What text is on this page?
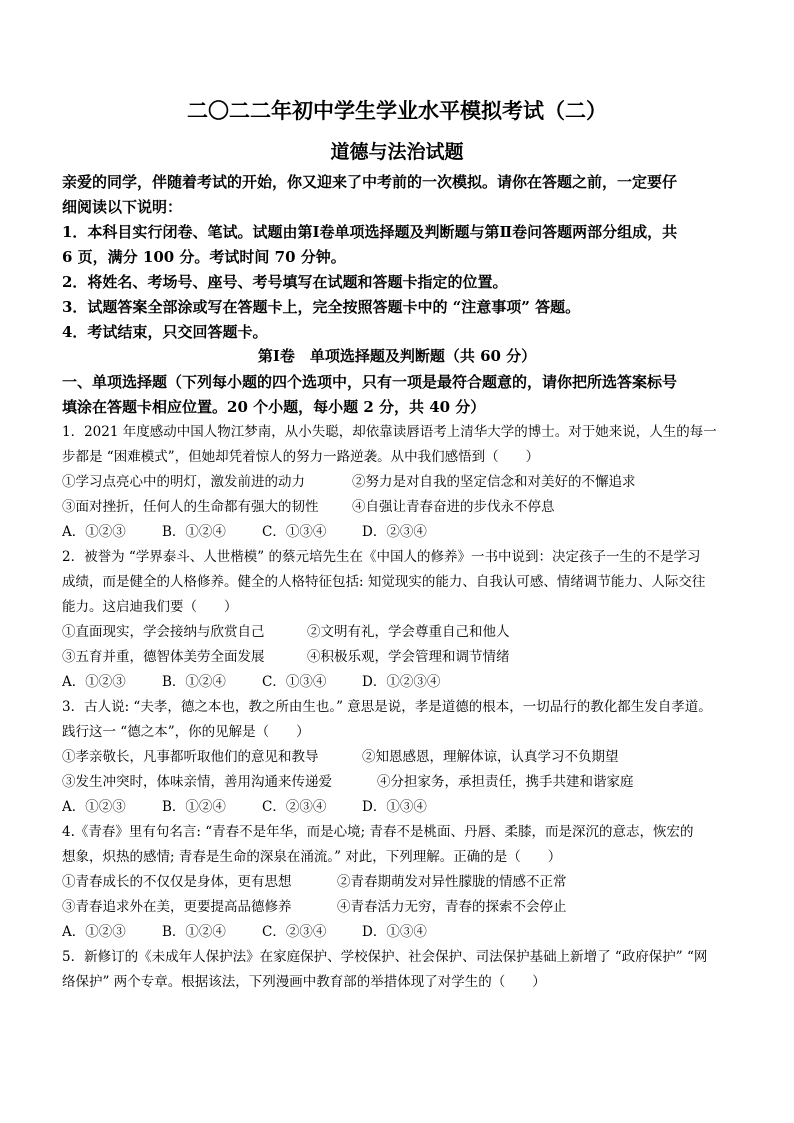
二〇二二年初中学生学业水平模拟考试（二）
道德与法治试题
亲爱的同学，伴随着考试的开始，你又迎来了中考前的一次模拟。请你在答题之前，一定要仔
细阅读以下说明：
1．本科目实行闭卷、笔试。试题由第Ⅰ卷单项选择题及判断题与第Ⅱ卷问答题两部分组成，共
6 页，满分 100 分。考试时间 70 分钟。
2．将姓名、考场号、座号、考号填写在试题和答题卡指定的位置。
3．试题答案全部涂或写在答题卡上，完全按照答题卡中的 “注意事项” 答题。
4．考试结束，只交回答题卡。
第Ⅰ卷　单项选择题及判断题（共 60 分）
一、单项选择题（下列每小题的四个选项中，只有一项是最符合题意的，请你把所选答案标号
填涂在答题卡相应位置。20 个小题，每小题 2 分，共 40 分）
1．2021 年度感动中国人物江梦南，从小失聪，却依靠读唇语考上清华大学的博士。对于她来说，人生的每一
步都是 “困难模式”，但她却凭着惊人的努力一路逆袭。从中我们感悟到（　　）
①学习点亮心中的明灯，激发前进的动力	②努力是对自我的坚定信念和对美好的不懈追求
③面对挫折，任何人的生命都有强大的韧性 ④自强让青春奋进的步伐永不停息
A．①②③	B．①②④	C．①③④	D．②③④
2．被誉为 “学界泰斗、人世楷模” 的蔡元培先生在《中国人的修养》一书中说到：决定孩子一生的不是学习
成绩，而是健全的人格修养。健全的人格特征包括: 知觉现实的能力、自我认可感、情绪调节能力、人际交往
能力。这启迪我们要（　　）
①直面现实，学会接纳与欣赏自己	②文明有礼，学会尊重自己和他人
③五育并重，德智体美劳全面发展	④积极乐观，学会管理和调节情绪
A．①②③	B．①②④	C．①③④	D．①②③④
3．古人说: “夫孝，德之本也，教之所由生也。” 意思是说，孝是道德的根本，一切品行的教化都生发自孝道。
践行这一 “德之本”，你的见解是（　　）
①孝亲敬长，凡事都听取他们的意见和教导	②知恩感恩，理解体谅，认真学习不负期望
③发生冲突时，体味亲情，善用沟通来传递爱	④分担家务，承担责任，携手共建和谐家庭
A．①②③	B．①②④	C．②③④	D．①③④
4.《青春》里有句名言: “青春不是年华，而是心境; 青春不是桃面、丹唇、柔膝，而是深沉的意志，恢宏的
想象，炽热的感情; 青春是生命的深泉在涌流。” 对此，下列理解。正确的是（　　）
①青春成长的不仅仅是身体，更有思想	②青春期萌发对异性朦胧的情感不正常
③青春追求外在美，更要提高品德修养	④青春活力无穷，青春的探索不会停止
A．①②③	B．①②④	C．②③④	D．①③④
5．新修订的《未成年人保护法》在家庭保护、学校保护、社会保护、司法保护基础上新增了 “政府保护” “网
络保护” 两个专章。根据该法，下列漫画中教育部的举措体现了对学生的（　　）
